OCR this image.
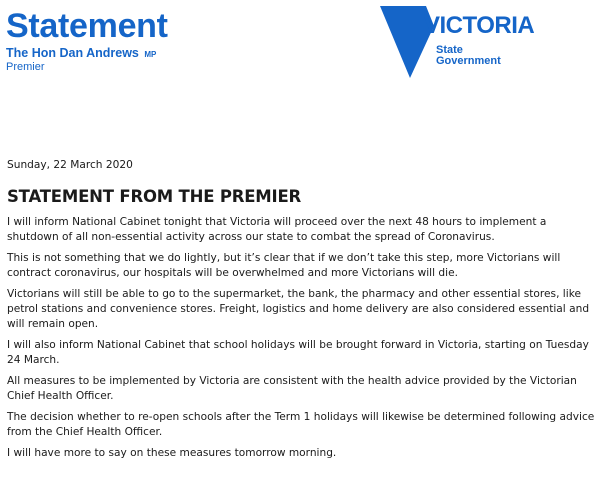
Statement
The Hon Dan Andrews MP
Premier
VICTORIA
State
Government

Sunday, 22 March 2020

STATEMENT FROM THE PREMIER

I will inform National Cabinet tonight that Victoria will proceed over the next 48 hours to implement a shutdown of all non-essential activity across our state to combat the spread of Coronavirus.

This is not something that we do lightly, but it’s clear that if we don’t take this step, more Victorians will contract coronavirus, our hospitals will be overwhelmed and more Victorians will die.

Victorians will still be able to go to the supermarket, the bank, the pharmacy and other essential stores, like petrol stations and convenience stores. Freight, logistics and home delivery are also considered essential and will remain open.

I will also inform National Cabinet that school holidays will be brought forward in Victoria, starting on Tuesday 24 March.

All measures to be implemented by Victoria are consistent with the health advice provided by the Victorian Chief Health Officer.

The decision whether to re-open schools after the Term 1 holidays will likewise be determined following advice from the Chief Health Officer.

I will have more to say on these measures tomorrow morning.
